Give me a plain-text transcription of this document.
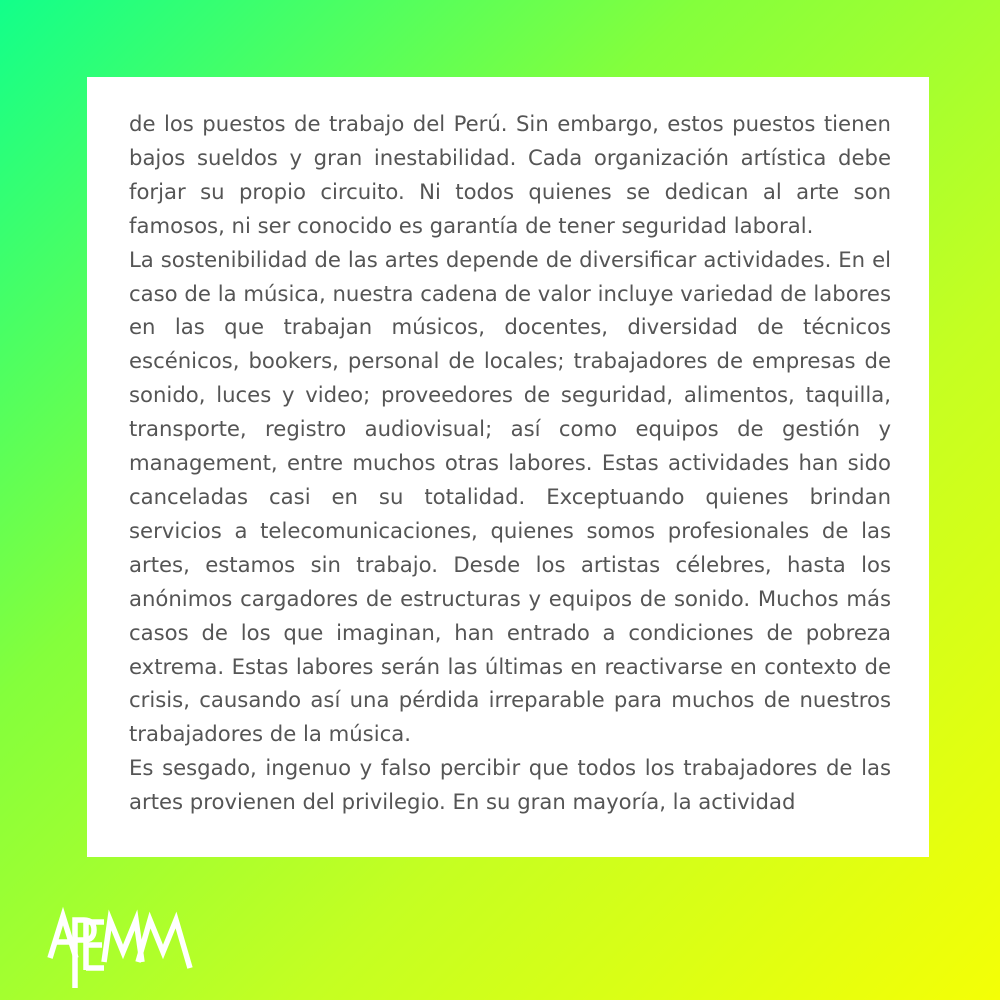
de los puestos de trabajo del Perú. Sin embargo, estos puestos tienen bajos sueldos y gran inestabilidad. Cada organización artística debe forjar su propio circuito. Ni todos quienes se dedican al arte son famosos, ni ser conocido es garantía de tener seguridad laboral.

La sostenibilidad de las artes depende de diversificar actividades. En el caso de la música, nuestra cadena de valor incluye variedad de labores en las que trabajan músicos, docentes, diversidad de técnicos escénicos, bookers, personal de locales; trabajadores de empresas de sonido, luces y video; proveedores de seguridad, alimentos, taquilla, transporte, registro audiovisual; así como equipos de gestión y management, entre muchos otras labores. Estas actividades han sido canceladas casi en su totalidad. Exceptuando quienes brindan servicios a telecomunicaciones, quienes somos profesionales de las artes, estamos sin trabajo. Desde los artistas célebres, hasta los anónimos cargadores de estructuras y equipos de sonido. Muchos más casos de los que imaginan, han entrado a condiciones de pobreza extrema. Estas labores serán las últimas en reactivarse en contexto de crisis, causando así una pérdida irreparable para muchos de nuestros trabajadores de la música.

Es sesgado, ingenuo y falso percibir que todos los trabajadores de las artes provienen del privilegio. En su gran mayoría, la actividad
